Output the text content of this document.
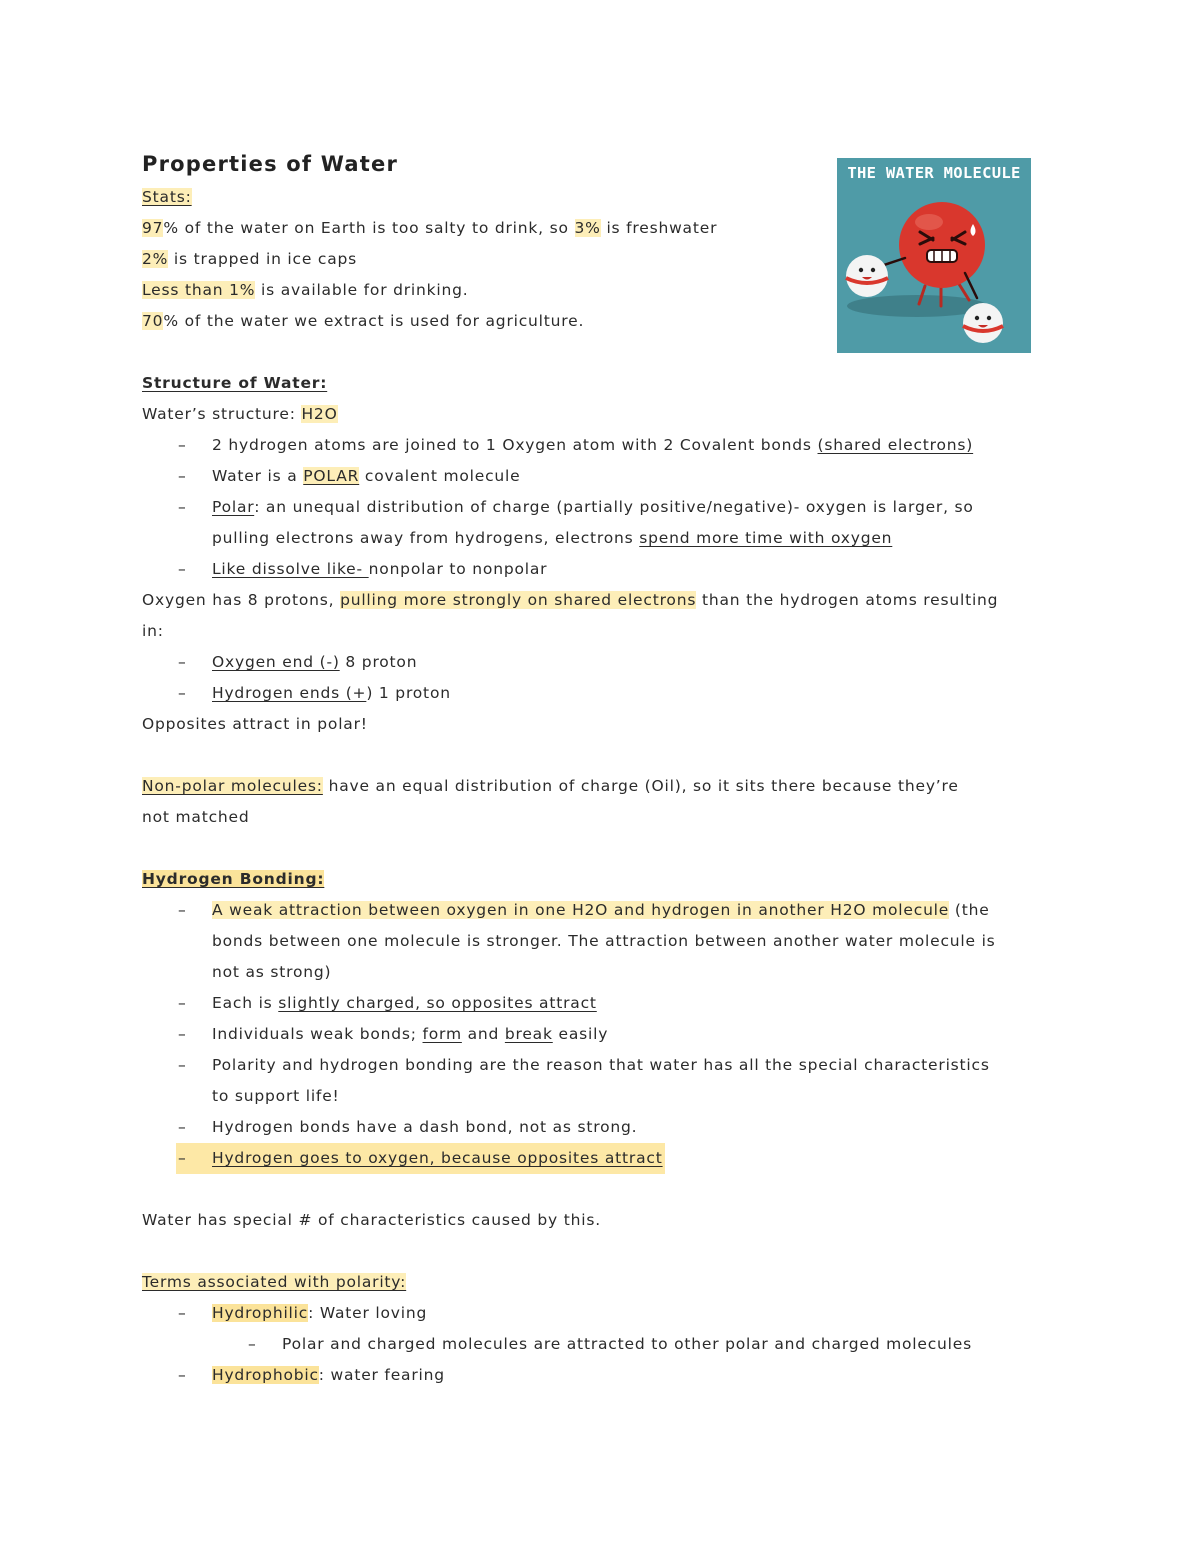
THE WATER MOLECULE
Properties of Water
Stats:
97% of the water on Earth is too salty to drink, so 3% is freshwater
2% is trapped in ice caps
Less than 1% is available for drinking.
70% of the water we extract is used for agriculture.
Structure of Water:
Water’s structure: H2O
– 2 hydrogen atoms are joined to 1 Oxygen atom with 2 Covalent bonds (shared electrons)
– Water is a POLAR covalent molecule
– Polar: an unequal distribution of charge (partially positive/negative)- oxygen is larger, so
pulling electrons away from hydrogens, electrons spend more time with oxygen
– Like dissolve like- nonpolar to nonpolar
Oxygen has 8 protons, pulling more strongly on shared electrons than the hydrogen atoms resulting
in:
– Oxygen end (-) 8 proton
– Hydrogen ends (+) 1 proton
Opposites attract in polar!
Non-polar molecules: have an equal distribution of charge (Oil), so it sits there because they’re
not matched
Hydrogen Bonding:
– A weak attraction between oxygen in one H2O and hydrogen in another H2O molecule (the
bonds between one molecule is stronger. The attraction between another water molecule is
not as strong)
– Each is slightly charged, so opposites attract
– Individuals weak bonds; form and break easily
– Polarity and hydrogen bonding are the reason that water has all the special characteristics
to support life!
– Hydrogen bonds have a dash bond, not as strong.
– Hydrogen goes to oxygen, because opposites attract
Water has special # of characteristics caused by this.
Terms associated with polarity:
– Hydrophilic: Water loving
– Polar and charged molecules are attracted to other polar and charged molecules
– Hydrophobic: water fearing
